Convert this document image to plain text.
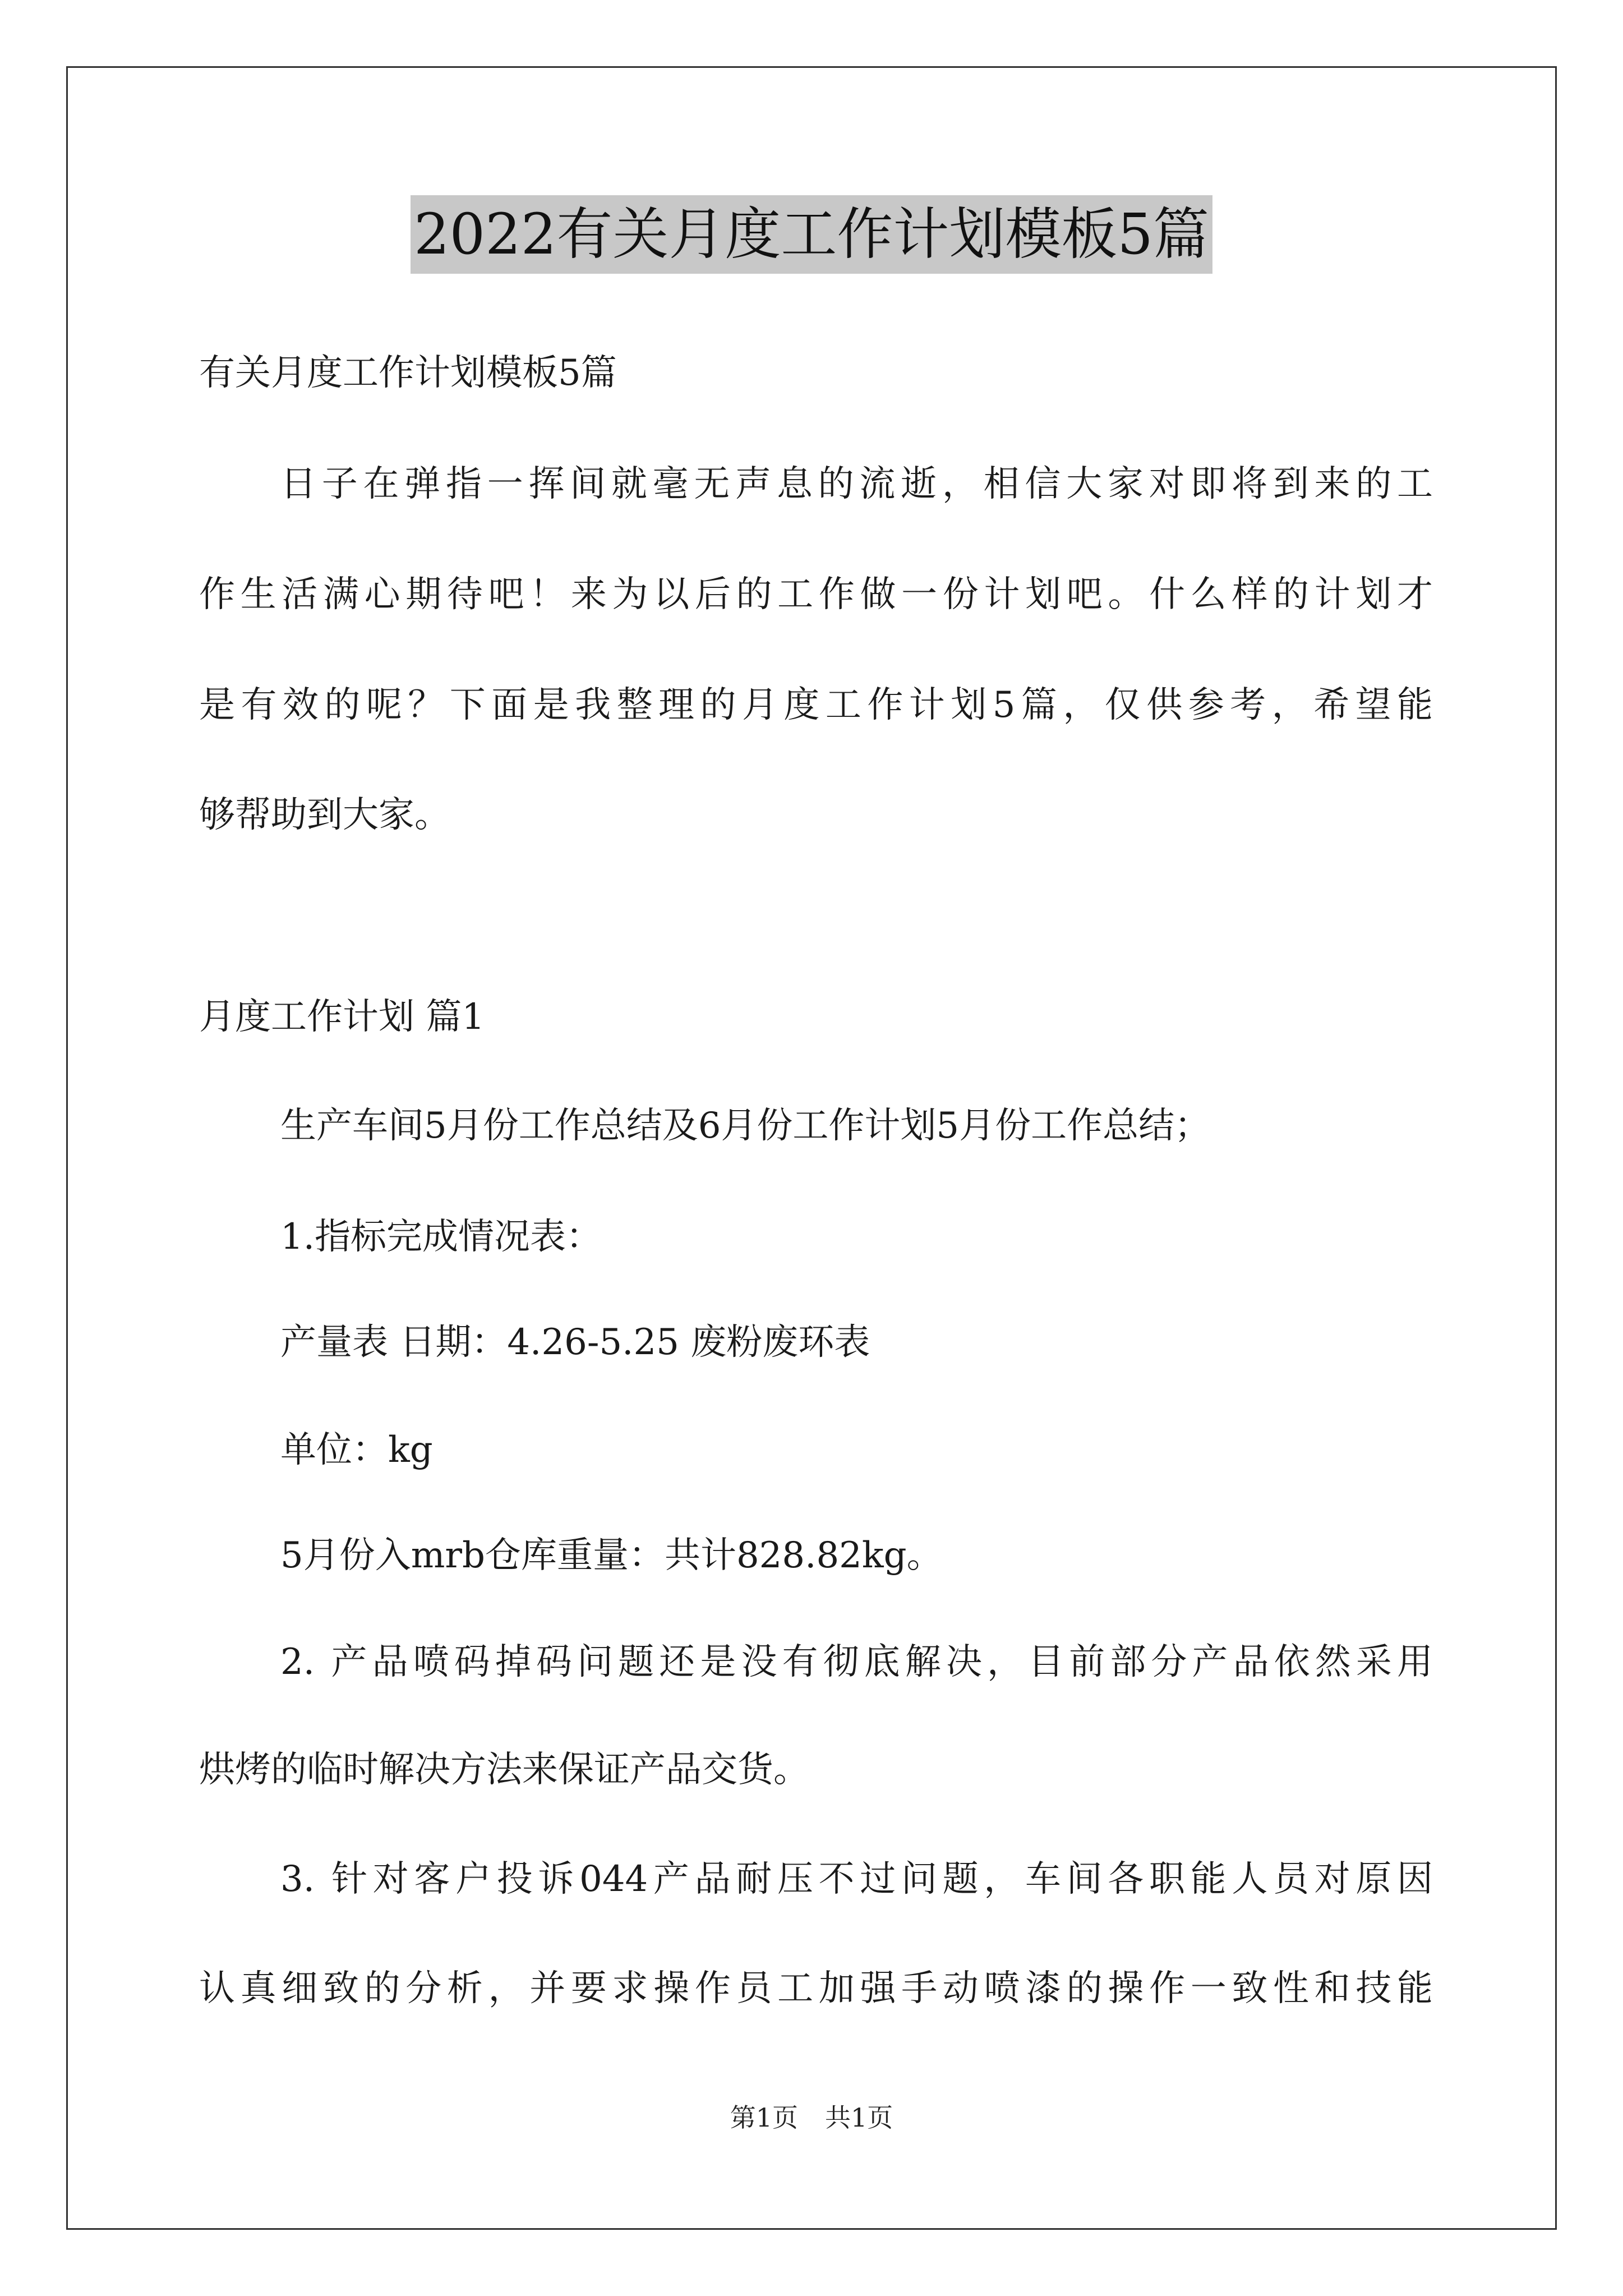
2022有关月度工作计划模板5篇
有关月度工作计划模板5篇
日子在弹指一挥间就毫无声息的流逝，相信大家对即将到来的工
作生活满心期待吧！来为以后的工作做一份计划吧。什么样的计划才
是有效的呢？下面是我整理的月度工作计划5篇，仅供参考，希望能
够帮助到大家。
月度工作计划 篇1
生产车间5月份工作总结及6月份工作计划5月份工作总结；
1.指标完成情况表：
产量表 日期：4.26-5.25 废粉废环表
单位：kg
5月份入mrb仓库重量：共计828.82kg。
2. 产品喷码掉码问题还是没有彻底解决，目前部分产品依然采用
烘烤的临时解决方法来保证产品交货。
3. 针对客户投诉044产品耐压不过问题，车间各职能人员对原因
认真细致的分析，并要求操作员工加强手动喷漆的操作一致性和技能
第1页 共1页
